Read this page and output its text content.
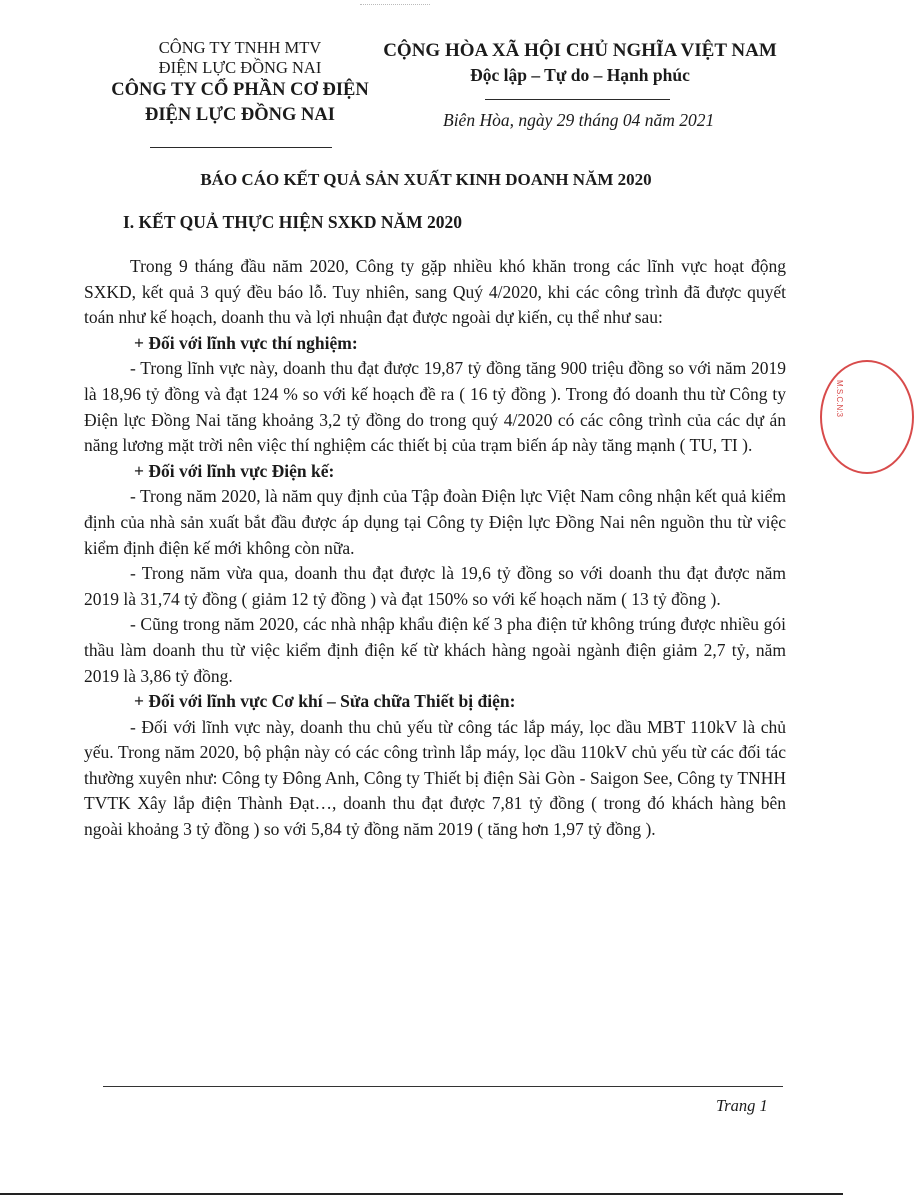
CÔNG TY TNHH MTV
ĐIỆN LỰC ĐỒNG NAI
CÔNG TY CỔ PHẦN CƠ ĐIỆN
ĐIỆN LỰC ĐỒNG NAI
CỘNG HÒA XÃ HỘI CHỦ NGHĨA VIỆT NAM
Độc lập – Tự do – Hạnh phúc
Biên Hòa, ngày 29 tháng 04 năm 2021
BÁO CÁO KẾT QUẢ SẢN XUẤT KINH DOANH NĂM 2020
I. KẾT QUẢ THỰC HIỆN SXKD NĂM 2020

Trong 9 tháng đầu năm 2020, Công ty gặp nhiều khó khăn trong các lĩnh vực hoạt động SXKD, kết quả 3 quý đều báo lỗ. Tuy nhiên, sang Quý 4/2020, khi các công trình đã được quyết toán như kế hoạch, doanh thu và lợi nhuận đạt được ngoài dự kiến, cụ thể như sau:

+ Đối với lĩnh vực thí nghiệm:

- Trong lĩnh vực này, doanh thu đạt được 19,87 tỷ đồng tăng 900 triệu đồng so với năm 2019 là 18,96 tỷ đồng và đạt 124 % so với kế hoạch đề ra ( 16 tỷ đồng ). Trong đó doanh thu từ Công ty Điện lực Đồng Nai tăng khoảng 3,2 tỷ đồng do trong quý 4/2020 có các công trình của các dự án năng lương mặt trời nên việc thí nghiệm các thiết bị của trạm biến áp này tăng mạnh ( TU, TI ).

+ Đối với lĩnh vực Điện kế:

- Trong năm 2020, là năm quy định của Tập đoàn Điện lực Việt Nam công nhận kết quả kiểm định của nhà sản xuất bắt đầu được áp dụng tại Công ty Điện lực Đồng Nai nên nguồn thu từ việc kiểm định điện kế mới không còn nữa.

- Trong năm vừa qua, doanh thu đạt được là 19,6 tỷ đồng so với doanh thu đạt được năm 2019 là 31,74 tỷ đồng ( giảm 12 tỷ đồng ) và đạt 150% so với kế hoạch năm ( 13 tỷ đồng ).

- Cũng trong năm 2020, các nhà nhập khẩu điện kế 3 pha điện tử không trúng được nhiều gói thầu làm doanh thu từ việc kiểm định điện kế từ khách hàng ngoài ngành điện giảm 2,7 tỷ, năm 2019 là 3,86 tỷ đồng.

+ Đối với lĩnh vực Cơ khí – Sửa chữa Thiết bị điện:

- Đối với lĩnh vực này, doanh thu chủ yếu từ công tác lắp máy, lọc dầu MBT 110kV là chủ yếu. Trong năm 2020, bộ phận này có các công trình lắp máy, lọc dầu 110kV chủ yếu từ các đối tác thường xuyên như: Công ty Đông Anh, Công ty Thiết bị điện Sài Gòn - Saigon See, Công ty TNHH TVTK Xây lắp điện Thành Đạt…, doanh thu đạt được 7,81 tỷ đồng ( trong đó khách hàng bên ngoài khoảng 3 tỷ đồng ) so với 5,84 tỷ đồng năm 2019 ( tăng hơn 1,97 tỷ đồng ).

M.S.C.N:3
Trang 1
